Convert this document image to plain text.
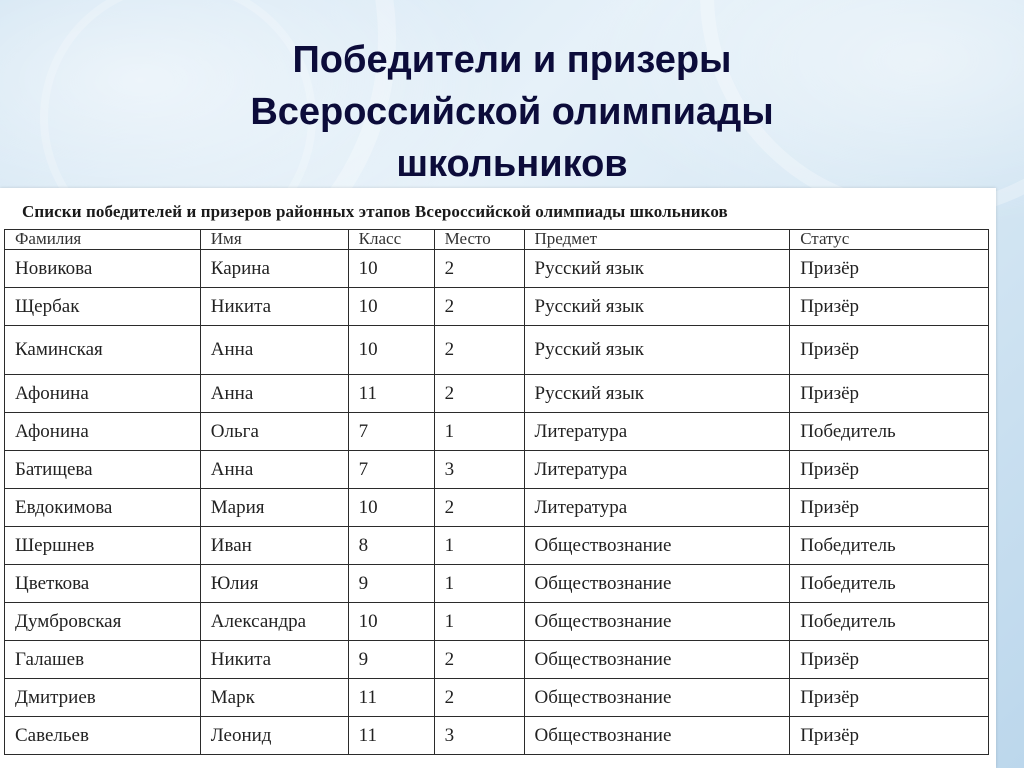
Победители и призеры
Всероссийской олимпиады
школьников
Списки победителей и призеров районных этапов Всероссийской олимпиады школьников
Фамилия	Имя	Класс	Место	Предмет	Статус
Новикова	Карина	10	2	Русский язык	Призёр
Щербак	Никита	10	2	Русский язык	Призёр
Каминская	Анна	10	2	Русский язык	Призёр
Афонина	Анна	11	2	Русский язык	Призёр
Афонина	Ольга	7	1	Литература	Победитель
Батищева	Анна	7	3	Литература	Призёр
Евдокимова	Мария	10	2	Литература	Призёр
Шершнев	Иван	8	1	Обществознание	Победитель
Цветкова	Юлия	9	1	Обществознание	Победитель
Думбровская	Александра	10	1	Обществознание	Победитель
Галашев	Никита	9	2	Обществознание	Призёр
Дмитриев	Марк	11	2	Обществознание	Призёр
Савельев	Леонид	11	3	Обществознание	Призёр
